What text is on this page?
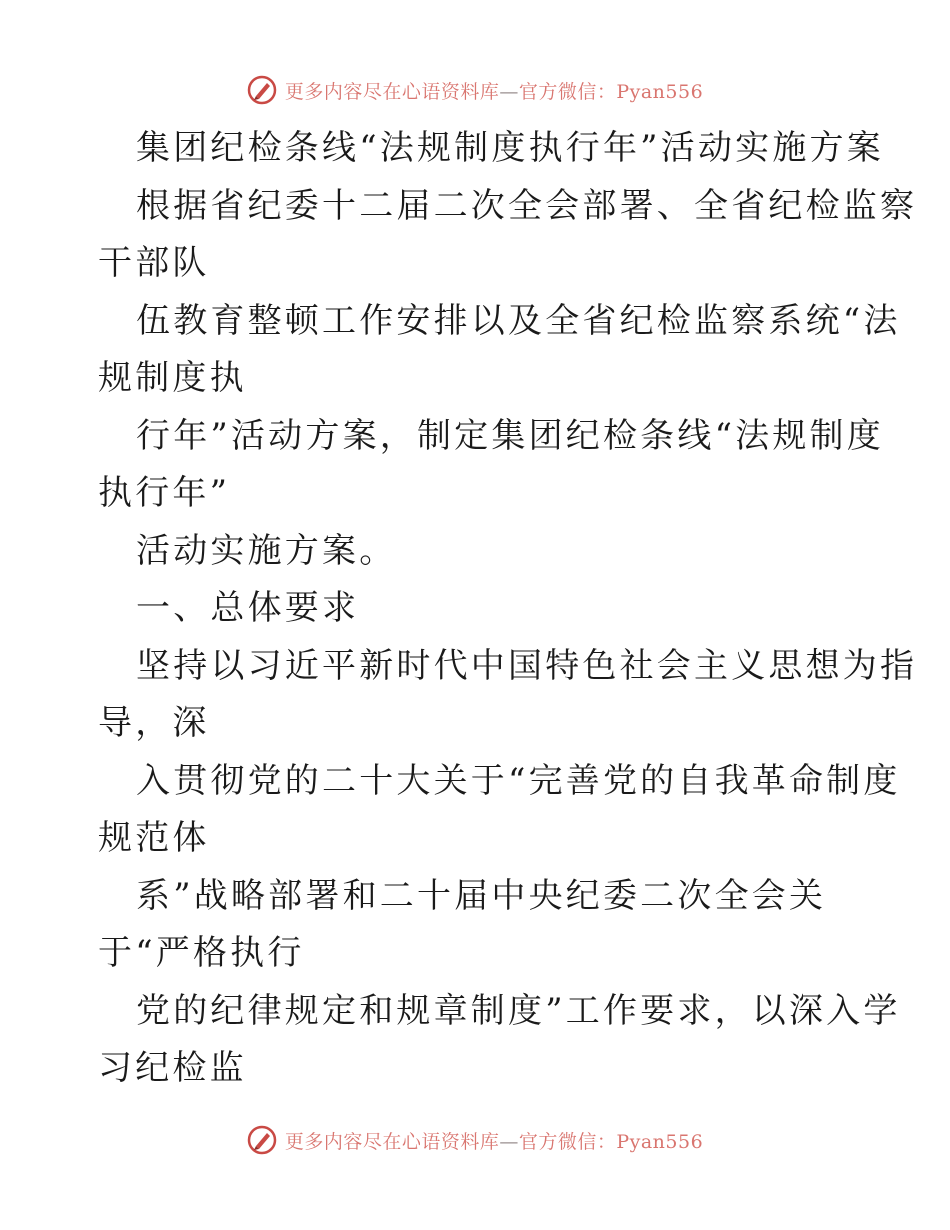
更多内容尽在心语资料库—官方微信：Pyan556
集团纪检条线“法规制度执行年”活动实施方案
根据省纪委十二届二次全会部署、全省纪检监察
干部队
伍教育整顿工作安排以及全省纪检监察系统“法
规制度执
行年”活动方案，制定集团纪检条线“法规制度
执行年”
活动实施方案。
一、总体要求
坚持以习近平新时代中国特色社会主义思想为指
导，深
入贯彻党的二十大关于“完善党的自我革命制度
规范体
系”战略部署和二十届中央纪委二次全会关
于“严格执行
党的纪律规定和规章制度”工作要求，以深入学
习纪检监
更多内容尽在心语资料库—官方微信：Pyan556
